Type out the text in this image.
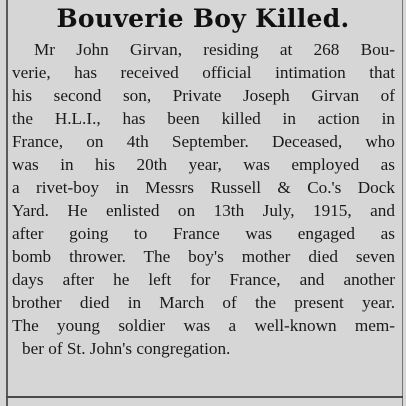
Bouverie Boy Killed.
Mr John Girvan, residing at 268 Bou-
verie, has received official intimation that
his second son, Private Joseph Girvan of
the H.L.I., has been killed in action in
France, on 4th September. Deceased, who
was in his 20th year, was employed as
a rivet-boy in Messrs Russell & Co.'s Dock
Yard. He enlisted on 13th July, 1915, and
after going to France was engaged as
bomb thrower. The boy's mother died seven
days after he left for France, and another
brother died in March of the present year.
The young soldier was a well-known mem-
ber of St. John's congregation.
